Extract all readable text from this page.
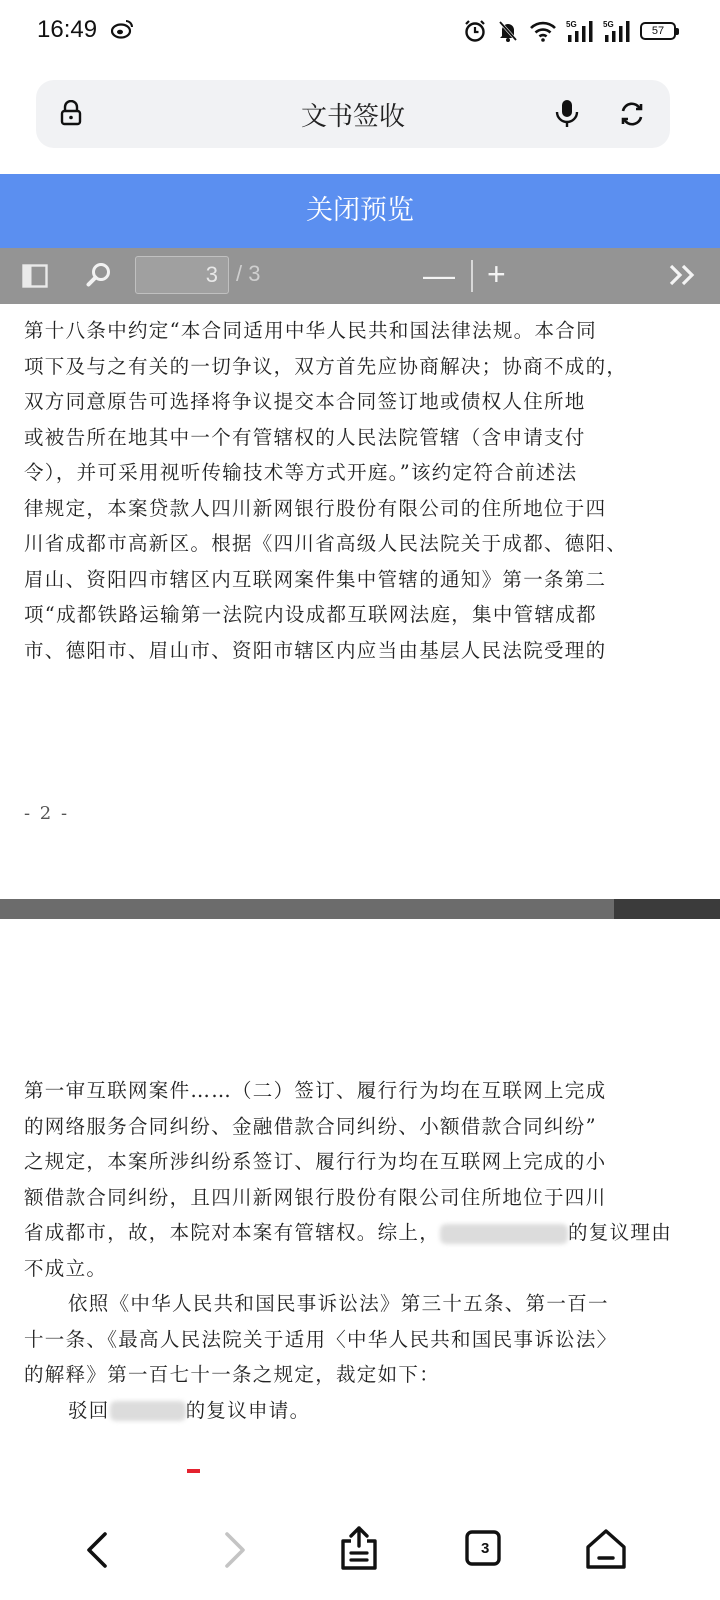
16:49	5G	5G
57
文书签收
关闭预览
3 / 3	— +
第十八条中约定“本合同适用中华人民共和国法律法规。本合同
项下及与之有关的一切争议，双方首先应协商解决；协商不成的，
双方同意原告可选择将争议提交本合同签订地或债权人住所地
或被告所在地其中一个有管辖权的人民法院管辖（含申请支付
令），并可采用视听传输技术等方式开庭。”该约定符合前述法
律规定，本案贷款人四川新网银行股份有限公司的住所地位于四
川省成都市高新区。根据《四川省高级人民法院关于成都、德阳、
眉山、资阳四市辖区内互联网案件集中管辖的通知》第一条第二
项“成都铁路运输第一法院内设成都互联网法庭，集中管辖成都
市、德阳市、眉山市、资阳市辖区内应当由基层人民法院受理的
- 2 -
第一审互联网案件……（二）签订、履行行为均在互联网上完成
的网络服务合同纠纷、金融借款合同纠纷、小额借款合同纠纷”
之规定，本案所涉纠纷系签订、履行行为均在互联网上完成的小
额借款合同纠纷，且四川新网银行股份有限公司住所地位于四川
省成都市，故，本院对本案有管辖权。综上，	的复议理由
不成立。
依照《中华人民共和国民事诉讼法》第三十五条、第一百一
十一条、《最高人民法院关于适用〈中华人民共和国民事诉讼法〉
的解释》第一百七十一条之规定，裁定如下：
驳回	的复议申请。
3
